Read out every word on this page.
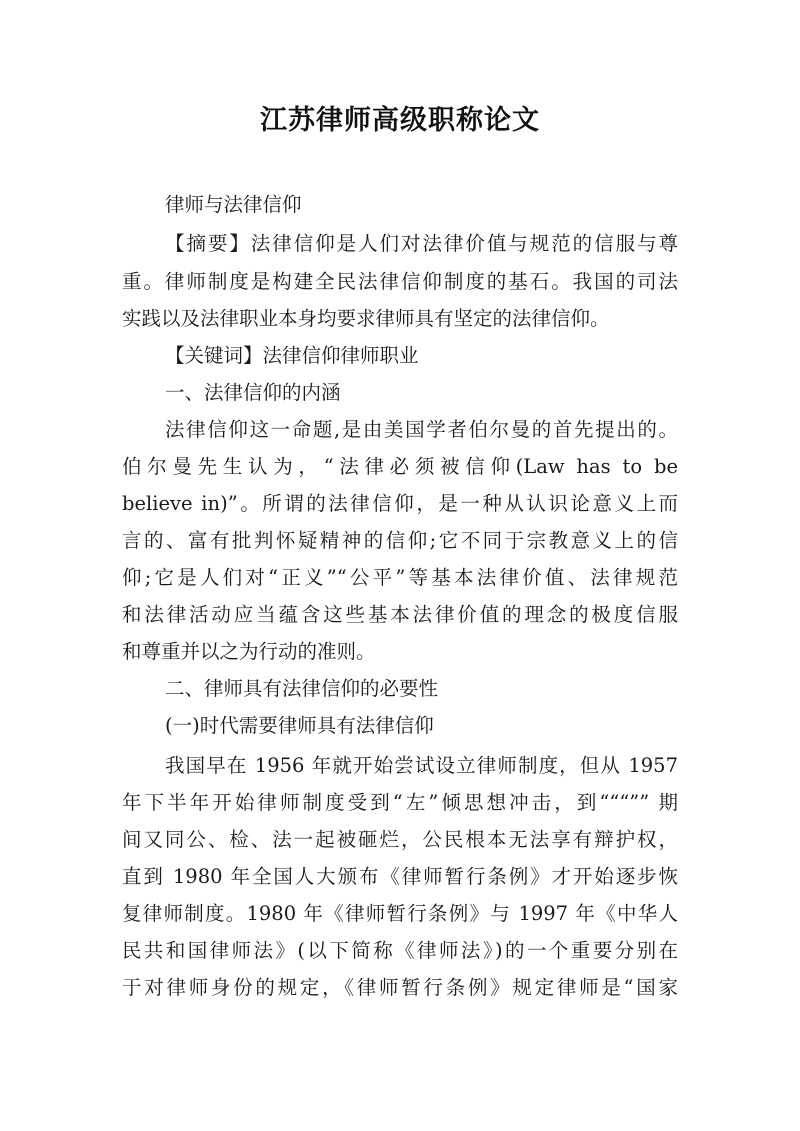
江苏律师高级职称论文
律师与法律信仰
【摘要】法律信仰是人们对法律价值与规范的信服与尊
重。律师制度是构建全民法律信仰制度的基石。我国的司法
实践以及法律职业本身均要求律师具有坚定的法律信仰。
【关键词】法律信仰律师职业
一、法律信仰的内涵
法律信仰这一命题,是由美国学者伯尔曼的首先提出的。
伯尔曼先生认为，“法律必须被信仰(Law has to be
believe in)”。所谓的法律信仰，是一种从认识论意义上而
言的、富有批判怀疑精神的信仰;它不同于宗教意义上的信
仰;它是人们对“正义”“公平”等基本法律价值、法律规范
和法律活动应当蕴含这些基本法律价值的理念的极度信服
和尊重并以之为行动的准则。
二、律师具有法律信仰的必要性
(一)时代需要律师具有法律信仰
我国早在 1956 年就开始尝试设立律师制度，但从 1957
年下半年开始律师制度受到“左”倾思想冲击，到“““”” 期
间又同公、检、法一起被砸烂，公民根本无法享有辩护权，
直到 1980 年全国人大颁布《律师暂行条例》才开始逐步恢
复律师制度。1980 年《律师暂行条例》与 1997 年《中华人
民共和国律师法》(以下简称《律师法》)的一个重要分别在
于对律师身份的规定，《律师暂行条例》规定律师是“国家
